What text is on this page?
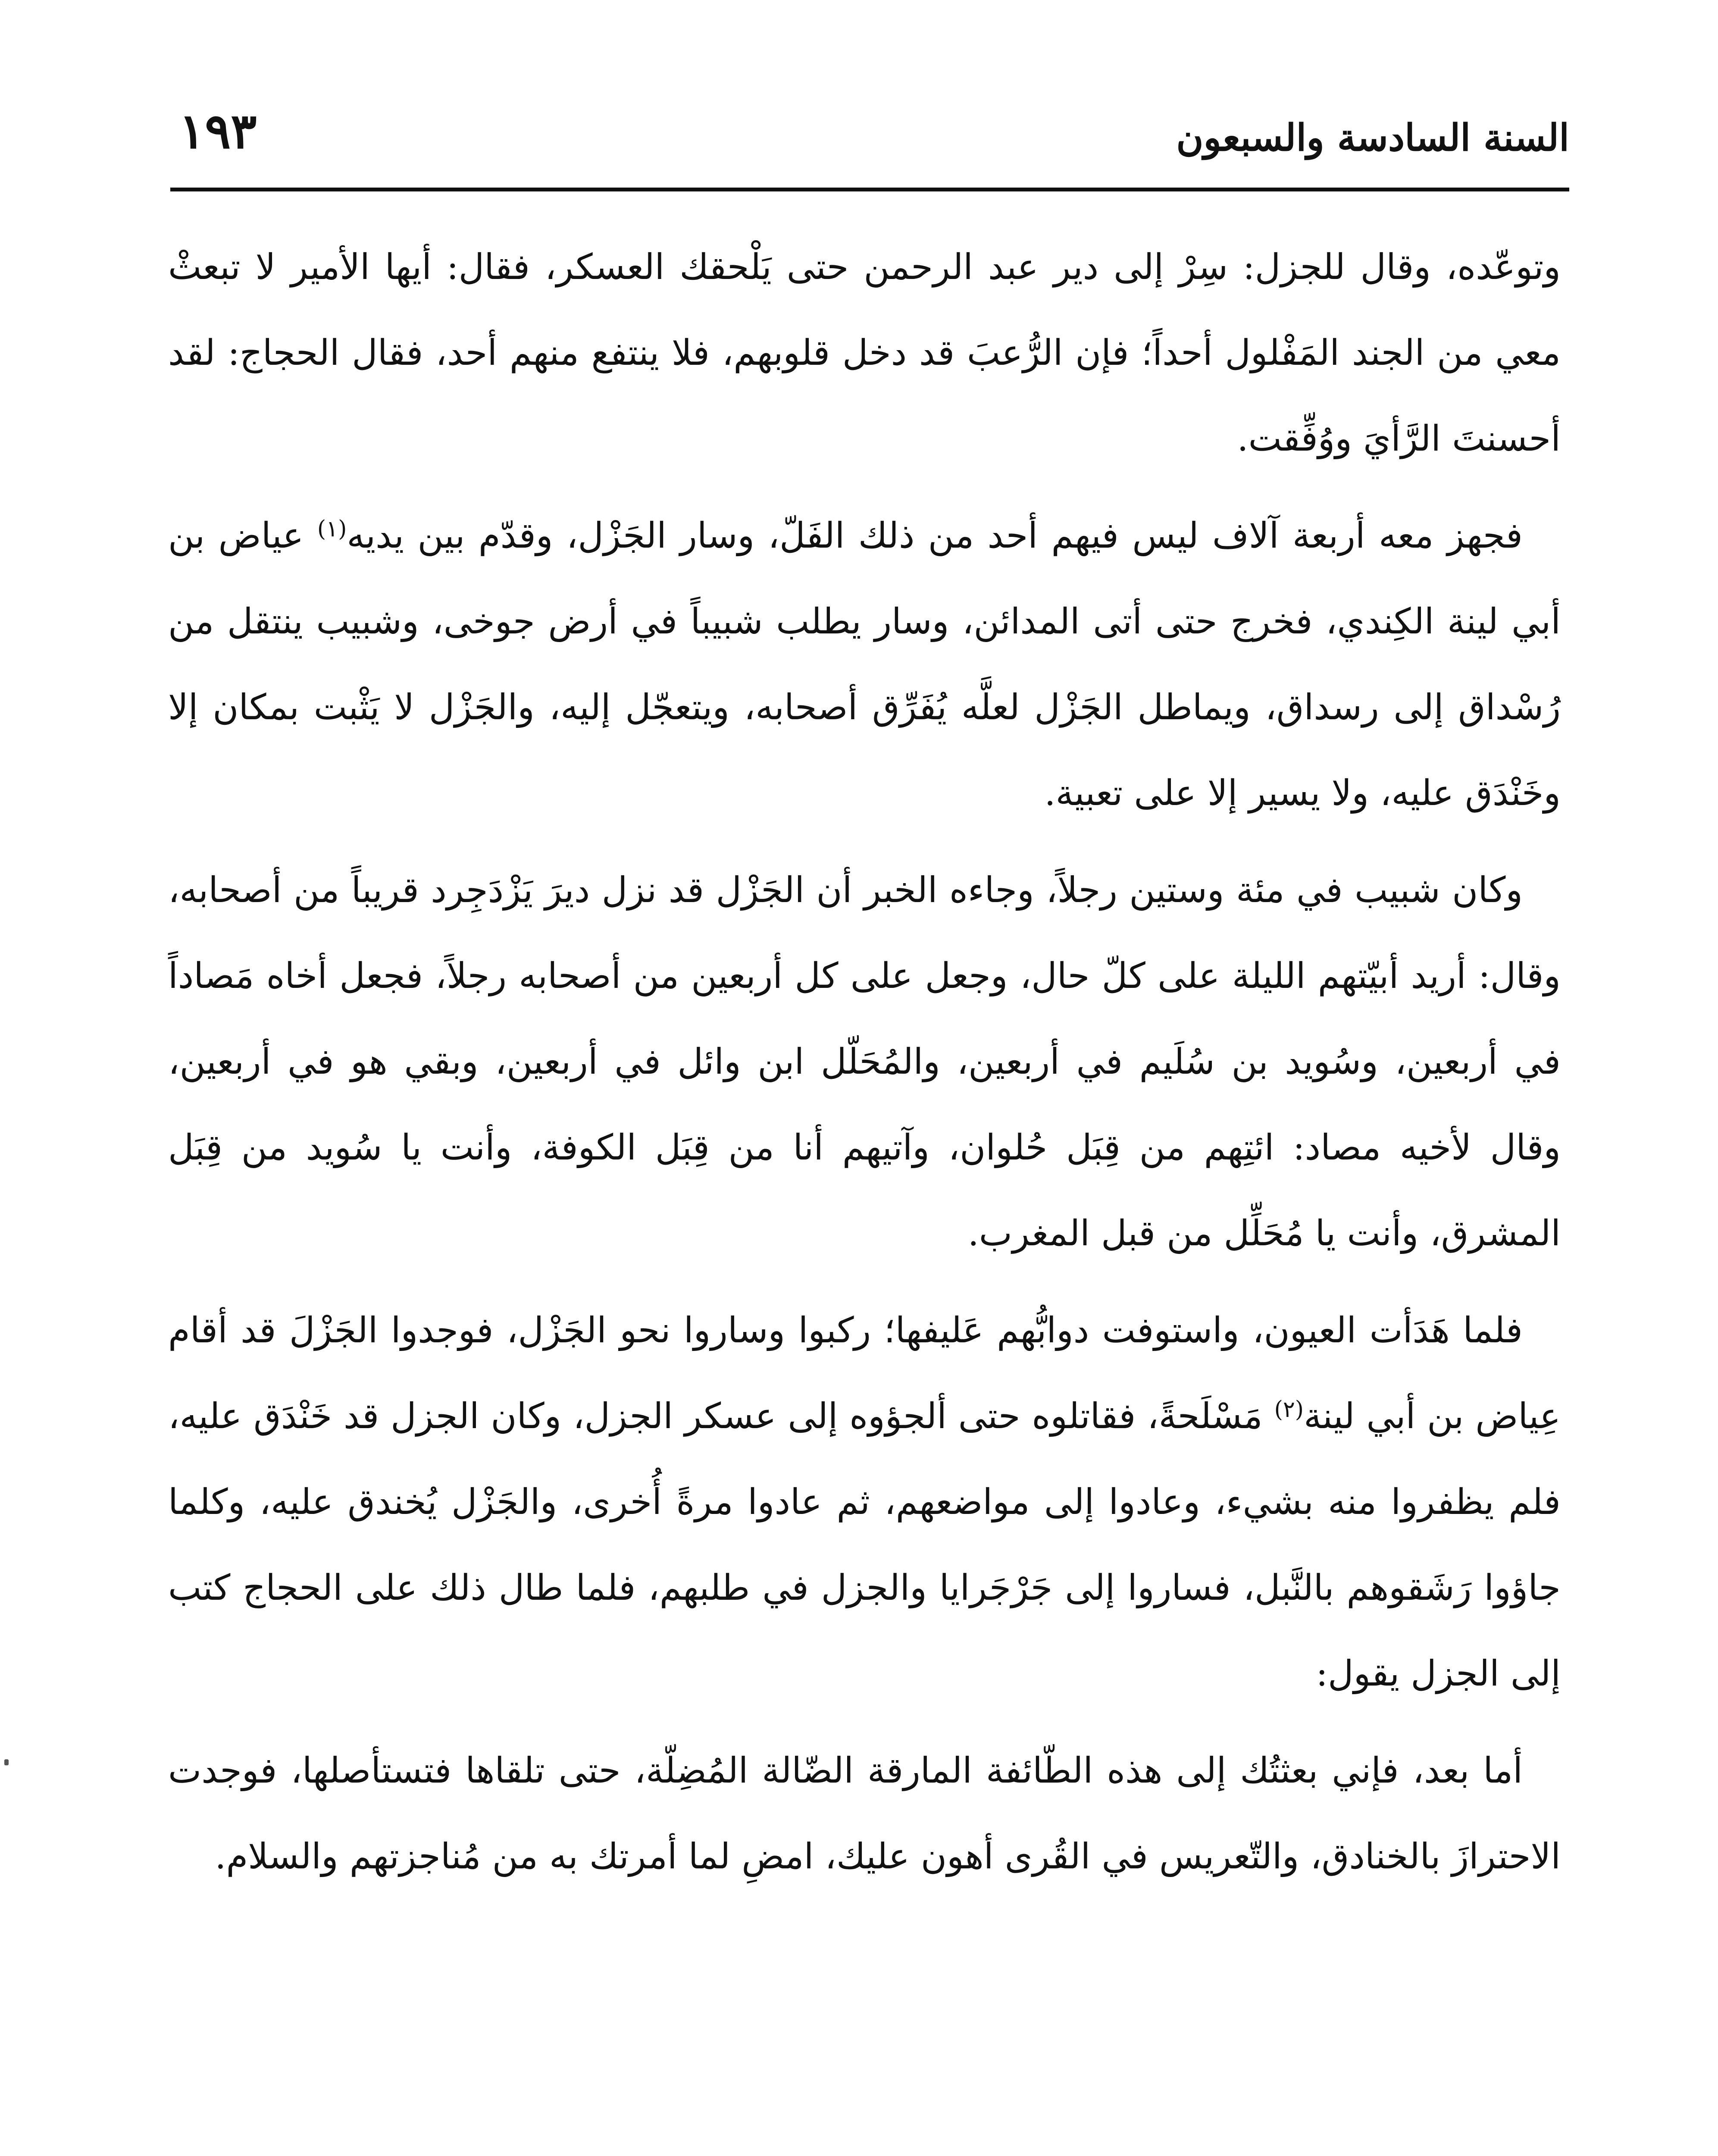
السنة السادسة والسبعون
١٩٣

وتوعّده، وقال للجزل: سِرْ إلى دير عبد الرحمن حتى يَلْحقك العسكر، فقال: أيها الأمير لا تبعثْ معي من الجند المَفْلول أحداً؛ فإن الرُّعبَ قد دخل قلوبهم، فلا ينتفع منهم أحد، فقال الحجاج: لقد أحسنتَ الرَّأيَ ووُفِّقت.

فجهز معه أربعة آلاف ليس فيهم أحد من ذلك الفَلّ، وسار الجَزْل، وقدّم بين يديه$^{(١)}$ عياض بن أبي لينة الكِندي، فخرج حتى أتى المدائن، وسار يطلب شبيباً في أرض جوخى، وشبيب ينتقل من رُسْداق إلى رسداق، ويماطل الجَزْل لعلَّه يُفَرِّق أصحابه، ويتعجّل إليه، والجَزْل لا يَثْبت بمكان إلا وخَنْدَق عليه، ولا يسير إلا على تعبية.

وكان شبيب في مئة وستين رجلاً، وجاءه الخبر أن الجَزْل قد نزل ديرَ يَزْدَجِرد قريباً من أصحابه، وقال: أريد أبيّتهم الليلة على كلّ حال، وجعل على كل أربعين من أصحابه رجلاً، فجعل أخاه مَصاداً في أربعين، وسُويد بن سُلَيم في أربعين، والمُحَلّل ابن وائل في أربعين، وبقي هو في أربعين، وقال لأخيه مصاد: ائتِهم من قِبَل حُلوان، وآتيهم أنا من قِبَل الكوفة، وأنت يا سُويد من قِبَل المشرق، وأنت يا مُحَلِّل من قبل المغرب.

فلما هَدَأت العيون، واستوفت دوابُّهم عَليفها؛ ركبوا وساروا نحو الجَزْل، فوجدوا الجَزْلَ قد أقام عِياض بن أبي لينة$^{(٢)}$ مَسْلَحةً، فقاتلوه حتى ألجؤوه إلى عسكر الجزل، وكان الجزل قد خَنْدَق عليه، فلم يظفروا منه بشيء، وعادوا إلى مواضعهم، ثم عادوا مرةً أُخرى، والجَزْل يُخندق عليه، وكلما جاؤوا رَشَقوهم بالنَّبل، فساروا إلى جَرْجَرايا والجزل في طلبهم، فلما طال ذلك على الحجاج كتب إلى الجزل يقول:

أما بعد، فإني بعثتُك إلى هذه الطّائفة المارقة الضّالة المُضِلّة، حتى تلقاها فتستأصلها، فوجدت الاحترازَ بالخنادق، والتّعريس في القُرى أهون عليك، امضِ لما أمرتك به من مُناجزتهم والسلام.
